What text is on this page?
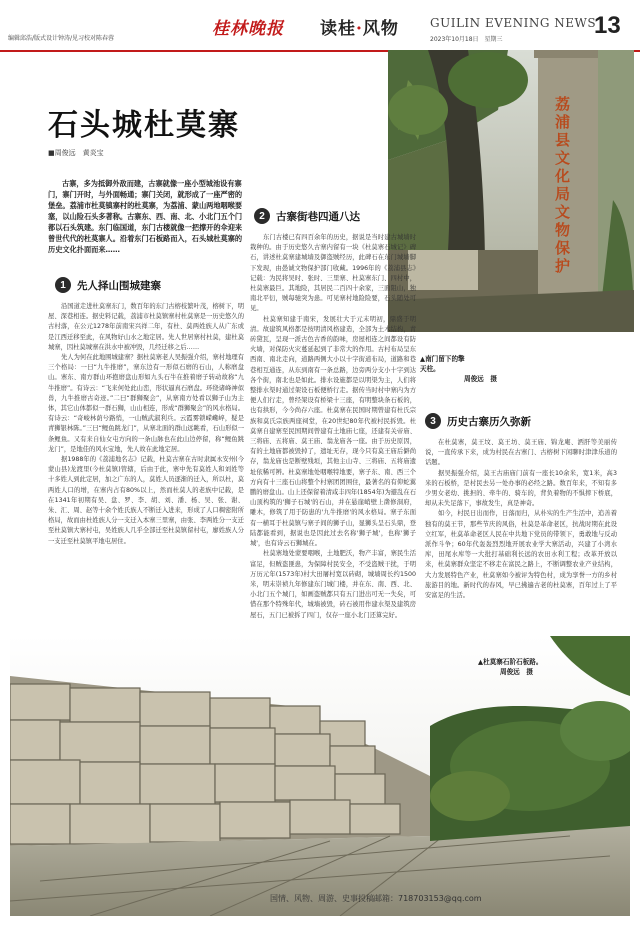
编辑邱浩/版式设计钟涛/见习校对陈春蓉	桂林晚报 读桂·风物	GUILIN EVENING NEWS
2023年10月18日　星期三
13
荔浦县文化局文物保护
▲南门留下的擎
天柱。
周俊远　摄
石头城杜莫寨
■周俊远　黄炎宝
古寨，多为抵御外敌而建，古寨就像一座小型城池设有寨门，寨门开时，与外面畅通；寨门关闭，就形成了一座严密的堡垒。荔浦市杜莫镇寨村的杜莫寨，为荔浦、蒙山两地咽喉要塞，以山险石头多著称。古寨东、西、南、北、小北门五个门都以石头筑建。东门临国道，东门古楼就像一把撑开的伞迎来曾世代代的杜莫寨人。沿着东门石板路而入，石头城杜莫寨的历史文化扑面而来……
1	先人择山围城建寨

沿国道走进杜莫寨东门，数百年的东门古榕枝繁叶茂，榕树下，明屋、深巷相连。据史料记载，荔浦市杜莫镇寨村杜莫寨是一历史悠久的古村落，在公元1278年前南宋兴祥二年，有杜、莫两姓族人从广东或是江西迁移至此，在风物好山水之地定居。先人世居寨村杜莫，建杜莫城寨，因杜莫城寨在洪水中被冲毁，几经迁移之后……

先人为何在此地围城建寨？据杜莫寨老人吴振强介绍，寨村地理有三个格局：一曰“九牛推磨”，寨东边有一形似石磨的石山，人称磨盘山。寨东、南方群山环抱磨盘山形如九头石牛在推着磨子转动故称“九牛推磨”。有诗云：“飞来何处此山峦，形状逼真石磨盘。环绕诸峰神似兽，九牛推磨古奇迹。”二曰“群狮聚会”，从寨南方处看以狮子山为主体，其它山体都似一群石狮，山山相连，形成“群狮聚会”的风水格局。有诗云：“奇峻林荫兮路悄，一山贼武淑利兵。云霞雾锁嵘巉崪，疑是青狮银林陈。”三曰“鲤鱼跳龙门”，从寨北面的群山远眺看，石山形似一条鲤鱼。又有来自仙女屯方向的一条山脉也在此山边停留，称“鲤鱼跳龙门”，是地佳的风水宝地，先人故在此地定居。

据1988年的《荔浦地名志》记载，杜莫古寨在古时隶属永安州(今蒙山县)龙渡里(今杜莫镇)管辖，后由于此，寨中先有莫姓人和刘姓等十多姓人到此定居，加之广东的人，莫姓人员逐渐的迁入，所以杜，莫两姓人口的增，在寨内占有80%以上，然而杜莫人的老族中记载，是在1341年初期有吴、盘、罗、李、胡、刘、潘、杨、吴、张、谢、朱、汇、周、赵等十余个姓氏族人不断迁入进来，形成了人口稠密附所格局，故而由杜姓族人分一支迁入本寨三里寨，由张、李两姓分一支迁至杜莫镇大寨村屯，吴姓族人几乎全部迁至杜莫镇留村屯，廖姓族人分一支迁至杜莫镇平地屯居住。

2	古寨街巷四通八达

东门古楼已有四百余年的历史，据说是当时建古城墙时栽种的。由于历史悠久古寨内留有一块《杜莫寨石城记》碑石，讲述杜莫寨建城墙及御盗贼经历，此碑石在东门城墙脚下发现，由愚诚文物保护部门收藏。1996年的《荔浦县志》记载：为民将吴时、张时、三里寨、杜莫寨东门、四村中，杜莫寨最巨。其地险，其居民二百四十余家，三面阻山，独南北平衍，贼每驰突为患。可见寨村地险险要，石头随处可见。

杜莫寨知建于南宋，发展壮大于元末明初，鼎盛于明清。故建筑风格都是按明清风格建造，全部为土木结构，青砖黛瓦，呈现一派古色古香的韵味，房屋相连之间都设有防火墙，对保防火灾蔓延起到了非常大的作用。古村布局呈东西南、南北走向，道路两侧大小以十字街道布局，道路和巷巷相互通连，从东到南有一条总路，边旁两分支小十字到达各个街，南北也是如此。排水设施都是以明渠为主，人们将整排水渠时通过架设石板便桥行走。据传当时村中寨内为方便人们行走，曾经架设有桥梁十三座，有明整块条石板的，也有拱形，今今尚存六座。杜莫寨在民国时期曾建有杜氏宗族和莫氏宗族两座祠堂，在20世纪80年代被村民拆毁。杜莫寨自建寨至民国期间曾建有土地庙七座，还建有关帝庙、三将庙、五将庙、莫王庙、翁龙庙各一座。由于历史原因，有的土地庙都被毁掉了，遗址无存，现今只有莫王庙后僻尚存，翁龙庙也是断壁残垣，其他主山寺、三将庙、五将庙遗址依稀可辨。杜莫寨地处咽喉特地要，寨子东、南、西三个方向有十三座石山将整个村寨团团围住，最著名的有仰蛇翼鹏的磨盘山。山上还保留着清咸丰四年(1854年)为避乱在石山顶构筑的'狮子石城'的石山，并在悬崖峭壁上凿修洞府，雕木，修筑了用于防患的'九牛推磨'的风水格局。寨子东面有一横耳于杜莫镇与寨子间的狮子山，显狮头呈石头鼎，登陆都能看到，据说也是因此过去名称'狮子城'，也称'狮子城'，也有诗云石狮城在。

杜莫寨地处蒙要咽喉，土地肥沃，物产丰富，寨民生活富足，但贼盗匪患，为保障村民安全，不受盗贼干扰，于明万历元年(1573年)村大田屠村宽以砖砌，城墙周长约1500米，明末崇祯九年修建东门城门楼，并在东、南、西、北、小北门五个城门，如画盗贼都只有五门进出可无一失矣，可惜在那个特殊年代，城墙被毁，砖石被用作建水渠及建筑房屋石，五门已被拆了四门，仅存一座小北门还算完好。

3	历史古寨历久弥新

在杜莫寨，莫王坟、莫王坊、莫王庙、锦龙庵、洒肝等美丽传说，一直传承下来，成为村民在古寨门、古榕树下闲聊时津津乐道的话题。

据吴振强介绍，莫王古庙庙门前有一座长10余米，宽1米，高3米的石板桥，是村民去另一处办事的必经之路。数百年来，不知有多少男女老幼、挑担的、牵牛的、骑车的，背负着物的不惧摔下桥底，却从未失足落下，事故发生，真是神奇。

如今，村民日出而作，日落而归，从朴实的生产生活中，追善着独有的莫王节，那些节庆的风俗，杜莫是革命老区，抗战时期在此设立红军，杜莫革命老区人民在中共地下党员的带领下，勇敢地与反动派作斗争；60年代轰轰烈烈地开展农业学大寨活动，兴建了小湾水库，田尾水库等一大批打基础利长远的农田水利工程；改革开放以来，杜莫寨群众坚定不移走在富民之路上，不断调整农业产业结构，大力发展特色产业，杜莫寨如今被评为特色村，成为享誉一方的乡村旅游目的地。新时代的春风，早已拂遍古老的杜莫寨，百年过上了平安富足的生活。

▲杜莫寨石阶石板路。
周俊远　摄
国情、风物、周游、史事投稿邮箱：718703153@qq.com
